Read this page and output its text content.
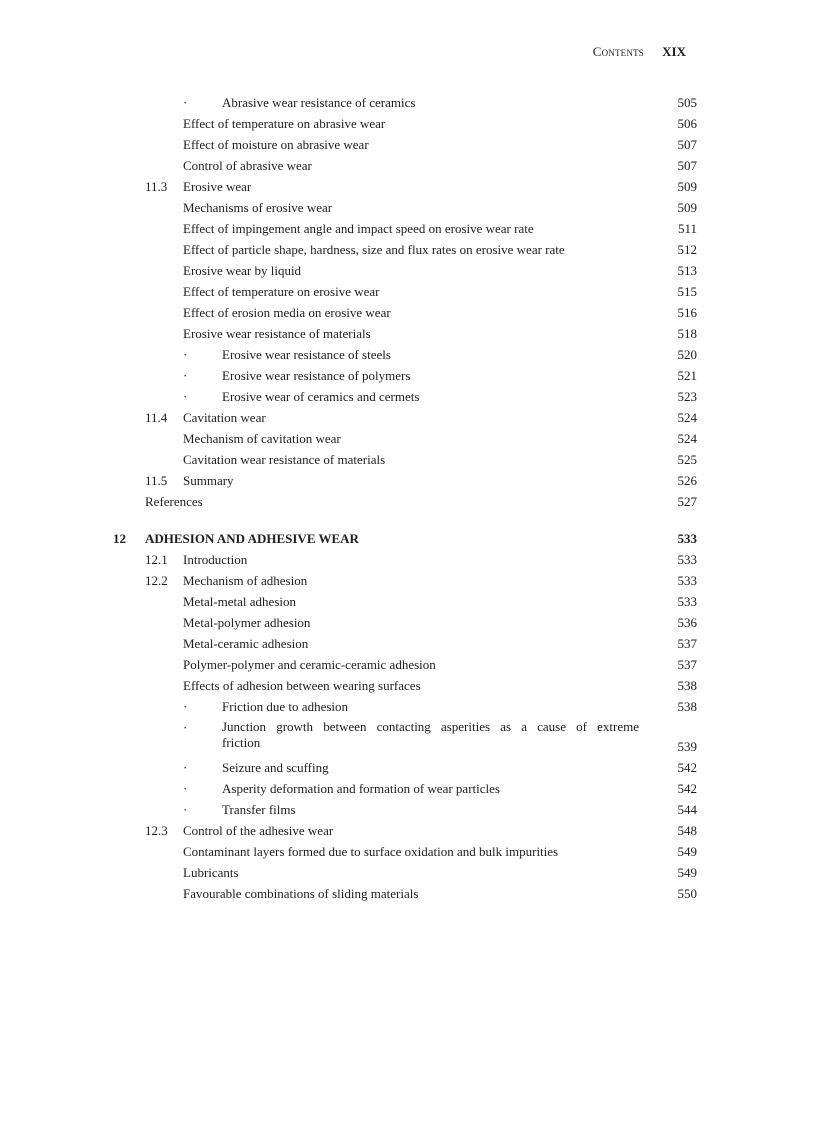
Contents XIX
·	Abrasive wear resistance of ceramics	505
Effect of temperature on abrasive wear	506
Effect of moisture on abrasive wear	507
Control of abrasive wear	507
11.3 Erosive wear	509
Mechanisms of erosive wear	509
Effect of impingement angle and impact speed on erosive wear rate	511
Effect of particle shape, hardness, size and flux rates on erosive wear rate	512
Erosive wear by liquid	513
Effect of temperature on erosive wear	515
Effect of erosion media on erosive wear	516
Erosive wear resistance of materials	518
·	Erosive wear resistance of steels	520
·	Erosive wear resistance of polymers	521
·	Erosive wear of ceramics and cermets	523
11.4 Cavitation wear	524
Mechanism of cavitation wear	524
Cavitation wear resistance of materials	525
11.5 Summary	526
References	527
12 ADHESION AND ADHESIVE WEAR	533
12.1 Introduction	533
12.2 Mechanism of adhesion	533
Metal-metal adhesion	533
Metal-polymer adhesion	536
Metal-ceramic adhesion	537
Polymer-polymer and ceramic-ceramic adhesion	537
Effects of adhesion between wearing surfaces	538
·	Friction due to adhesion	538
·	Junction growth between contacting asperities as a cause of extreme friction	539
·	Seizure and scuffing	542
·	Asperity deformation and formation of wear particles	542
·	Transfer films	544
12.3 Control of the adhesive wear	548
Contaminant layers formed due to surface oxidation and bulk impurities	549
Lubricants	549
Favourable combinations of sliding materials	550
